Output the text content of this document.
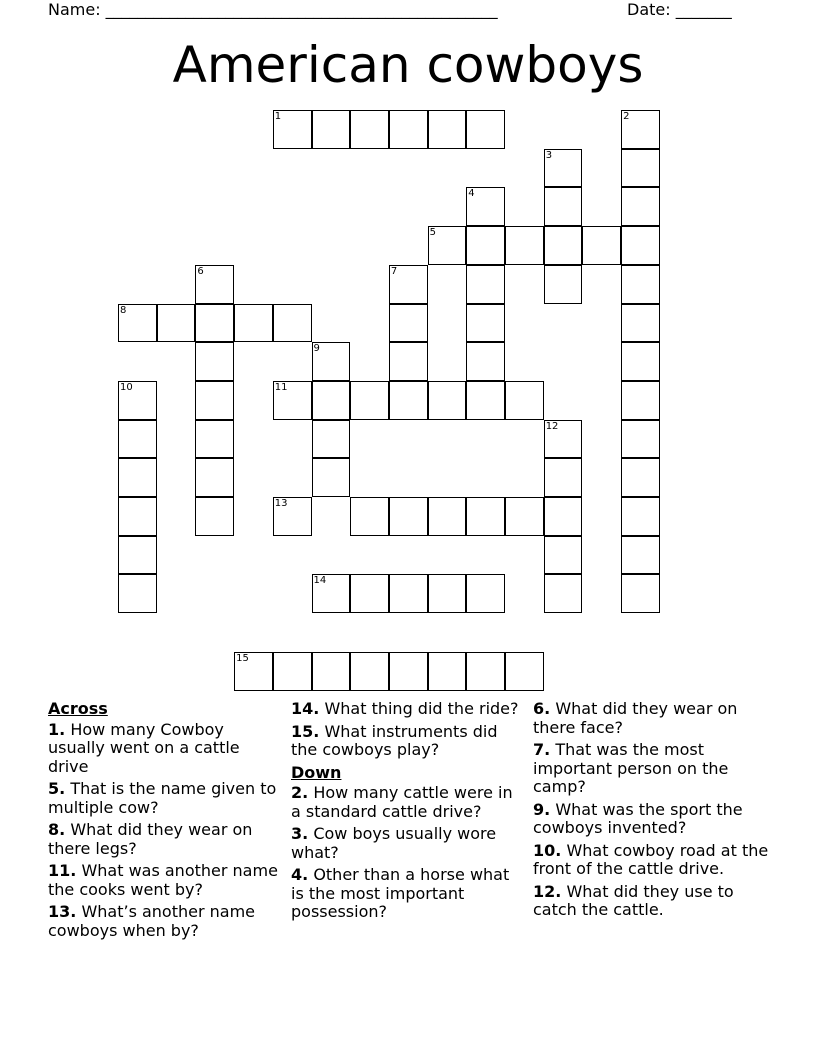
Name: _________________________________________________	Date: _______
American cowboys
1	2
3
4
5
6	7
8
9
10	11
12
13
14
15
Across
1. How many Cowboy usually went on a cattle drive
5. That is the name given to multiple cow?
8. What did they wear on there legs?
11. What was another name the cooks went by?
13. What’s another name cowboys when by?
14. What thing did the ride?
15. What instruments did the cowboys play?
Down
2. How many cattle were in a standard cattle drive?
3. Cow boys usually wore what?
4. Other than a horse what is the most important possession?
6. What did they wear on there face?
7. That was the most important person on the camp?
9. What was the sport the cowboys invented?
10. What cowboy road at the front of the cattle drive.
12. What did they use to catch the cattle.
